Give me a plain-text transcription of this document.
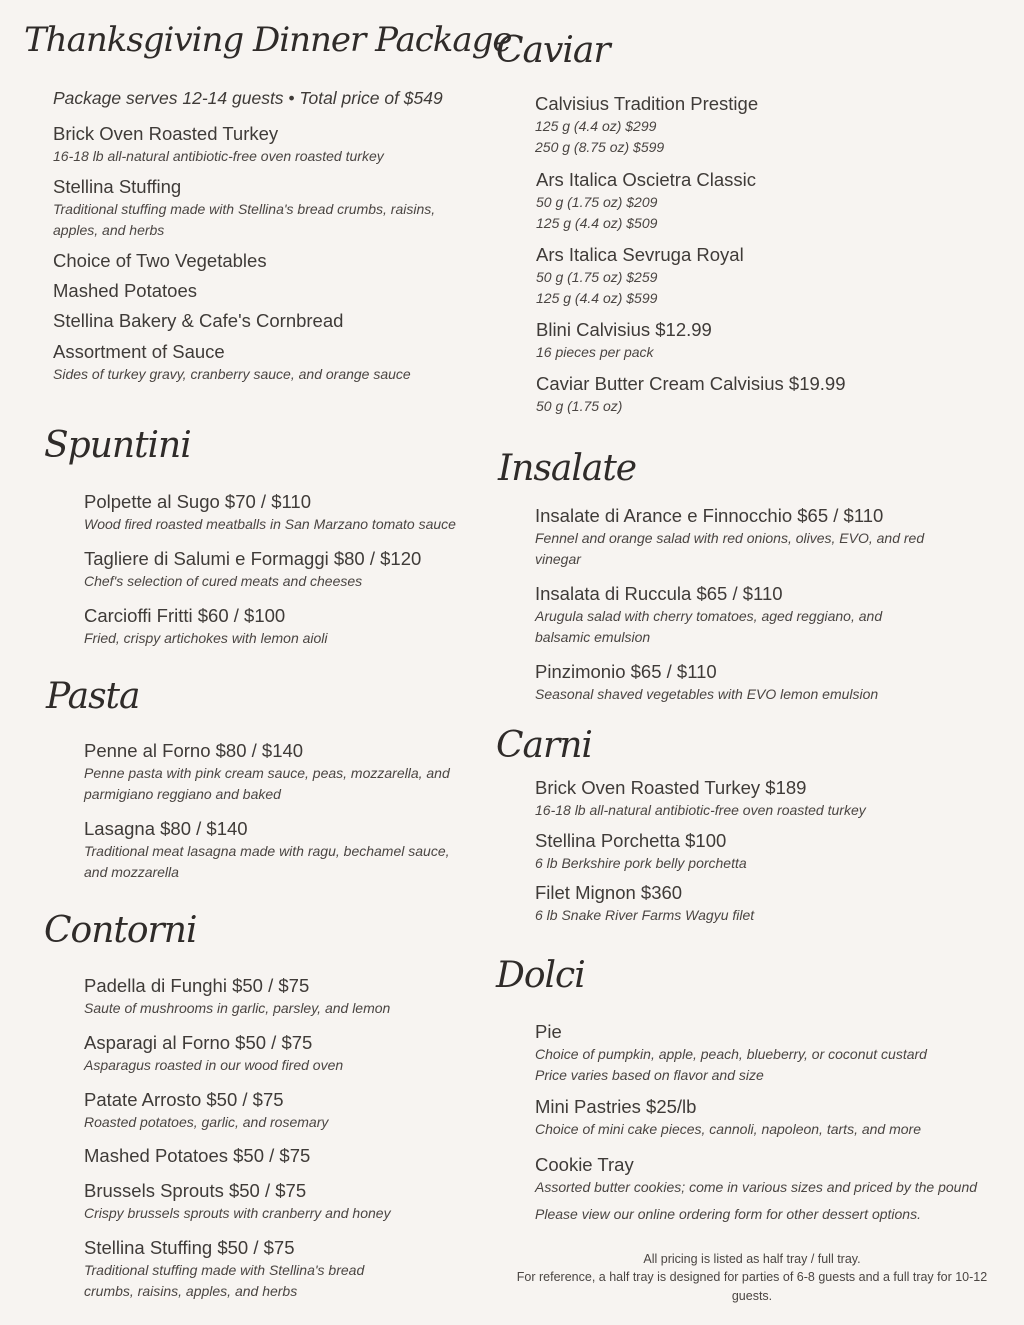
Thanksgiving Dinner Package

Package serves 12-14 guests • Total price of $549

Brick Oven Roasted Turkey

16-18 lb all-natural antibiotic-free oven roasted turkey

Stellina Stuffing

Traditional stuffing made with Stellina's bread crumbs, raisins,

apples, and herbs

Choice of Two Vegetables

Mashed Potatoes

Stellina Bakery & Cafe's Cornbread

Assortment of Sauce

Sides of turkey gravy, cranberry sauce, and orange sauce

Spuntini

Polpette al Sugo $70 / $110

Wood fired roasted meatballs in San Marzano tomato sauce

Tagliere di Salumi e Formaggi $80 / $120

Chef's selection of cured meats and cheeses

Carcioffi Fritti $60 / $100

Fried, crispy artichokes with lemon aioli

Pasta

Penne al Forno $80 / $140

Penne pasta with pink cream sauce, peas, mozzarella, and

parmigiano reggiano and baked

Lasagna $80 / $140

Traditional meat lasagna made with ragu, bechamel sauce,

and mozzarella

Contorni

Padella di Funghi $50 / $75

Saute of mushrooms in garlic, parsley, and lemon

Asparagi al Forno $50 / $75

Asparagus roasted in our wood fired oven

Patate Arrosto $50 / $75

Roasted potatoes, garlic, and rosemary

Mashed Potatoes $50 / $75

Brussels Sprouts $50 / $75

Crispy brussels sprouts with cranberry and honey

Stellina Stuffing $50 / $75

Traditional stuffing made with Stellina's bread

crumbs, raisins, apples, and herbs

Caviar

Calvisius Tradition Prestige

125 g (4.4 oz) $299

250 g (8.75 oz) $599

Ars Italica Oscietra Classic

50 g (1.75 oz) $209

125 g (4.4 oz) $509

Ars Italica Sevruga Royal

50 g (1.75 oz) $259

125 g (4.4 oz) $599

Blini Calvisius $12.99

16 pieces per pack

Caviar Butter Cream Calvisius $19.99

50 g (1.75 oz)

Insalate

Insalate di Arance e Finnocchio $65 / $110

Fennel and orange salad with red onions, olives, EVO, and red

vinegar

Insalata di Ruccula $65 / $110

Arugula salad with cherry tomatoes, aged reggiano, and

balsamic emulsion

Pinzimonio $65 / $110

Seasonal shaved vegetables with EVO lemon emulsion

Carni

Brick Oven Roasted Turkey $189

16-18 lb all-natural antibiotic-free oven roasted turkey

Stellina Porchetta $100

6 lb Berkshire pork belly porchetta

Filet Mignon $360

6 lb Snake River Farms Wagyu filet

Dolci

Pie

Choice of pumpkin, apple, peach, blueberry, or coconut custard

Price varies based on flavor and size

Mini Pastries $25/lb

Choice of mini cake pieces, cannoli, napoleon, tarts, and more

Cookie Tray

Assorted butter cookies; come in various sizes and priced by the pound

Please view our online ordering form for other dessert options.

All pricing is listed as half tray / full tray.

For reference, a half tray is designed for parties of 6-8 guests and a full tray for 10-12 guests.
